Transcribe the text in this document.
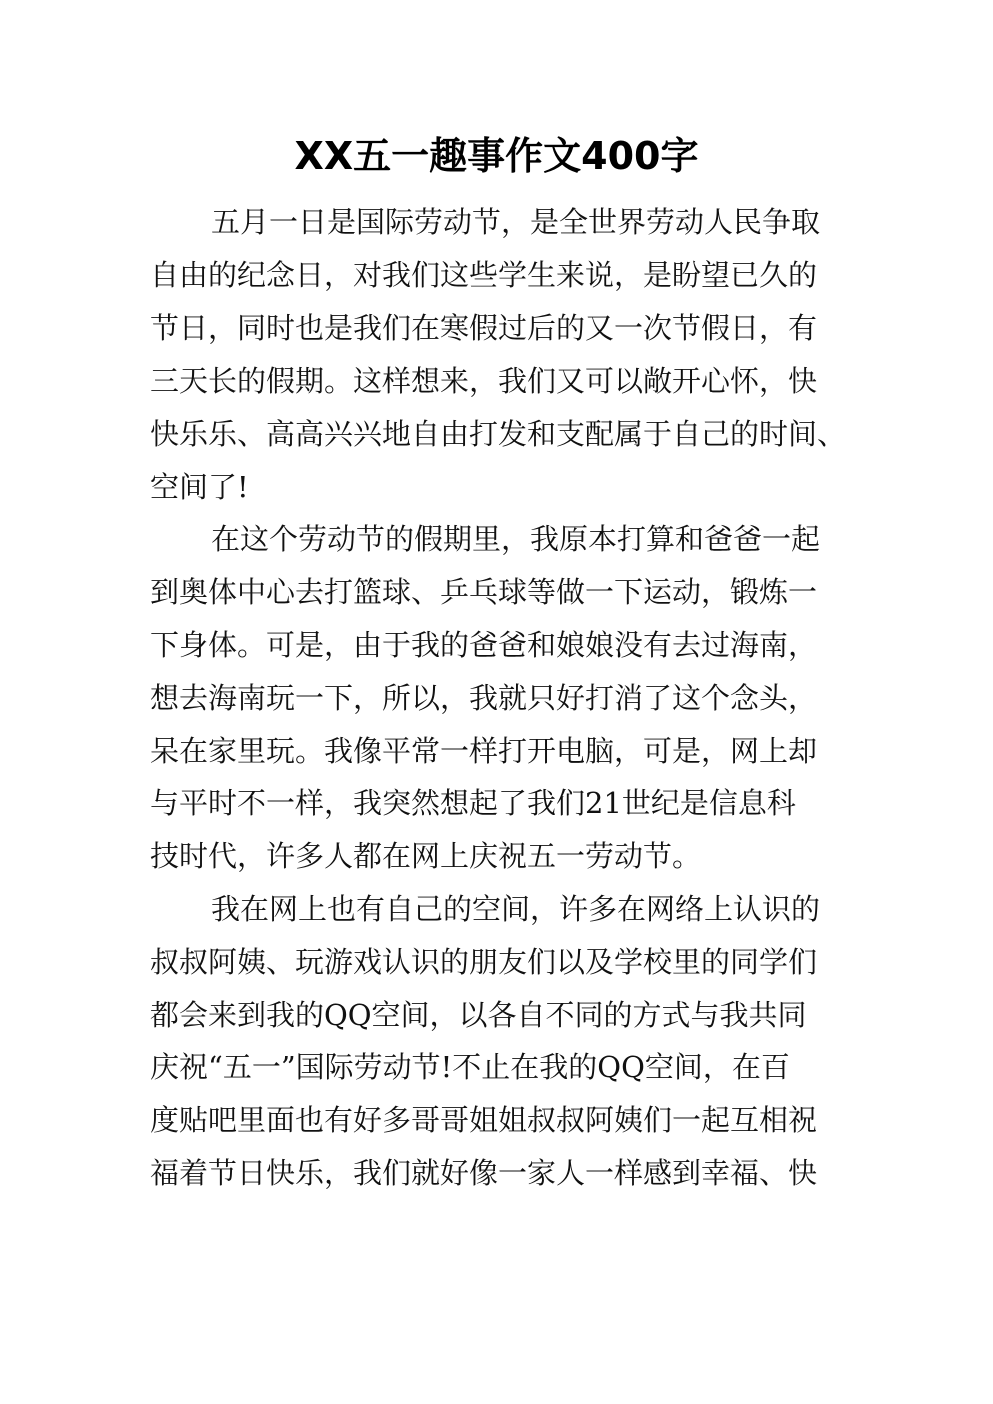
XX五一趣事作文400字

五月一日是国际劳动节，是全世界劳动人民争取

自由的纪念日，对我们这些学生来说，是盼望已久的

节日，同时也是我们在寒假过后的又一次节假日，有

三天长的假期。这样想来，我们又可以敞开心怀，快

快乐乐、高高兴兴地自由打发和支配属于自己的时间、

空间了!

在这个劳动节的假期里，我原本打算和爸爸一起

到奥体中心去打篮球、乒乓球等做一下运动，锻炼一

下身体。可是，由于我的爸爸和娘娘没有去过海南，

想去海南玩一下，所以，我就只好打消了这个念头，

呆在家里玩。我像平常一样打开电脑，可是，网上却

与平时不一样，我突然想起了我们21世纪是信息科

技时代，许多人都在网上庆祝五一劳动节。

我在网上也有自己的空间，许多在网络上认识的

叔叔阿姨、玩游戏认识的朋友们以及学校里的同学们

都会来到我的QQ空间，以各自不同的方式与我共同

庆祝“五一”国际劳动节!不止在我的QQ空间，在百

度贴吧里面也有好多哥哥姐姐叔叔阿姨们一起互相祝

福着节日快乐，我们就好像一家人一样感到幸福、快
